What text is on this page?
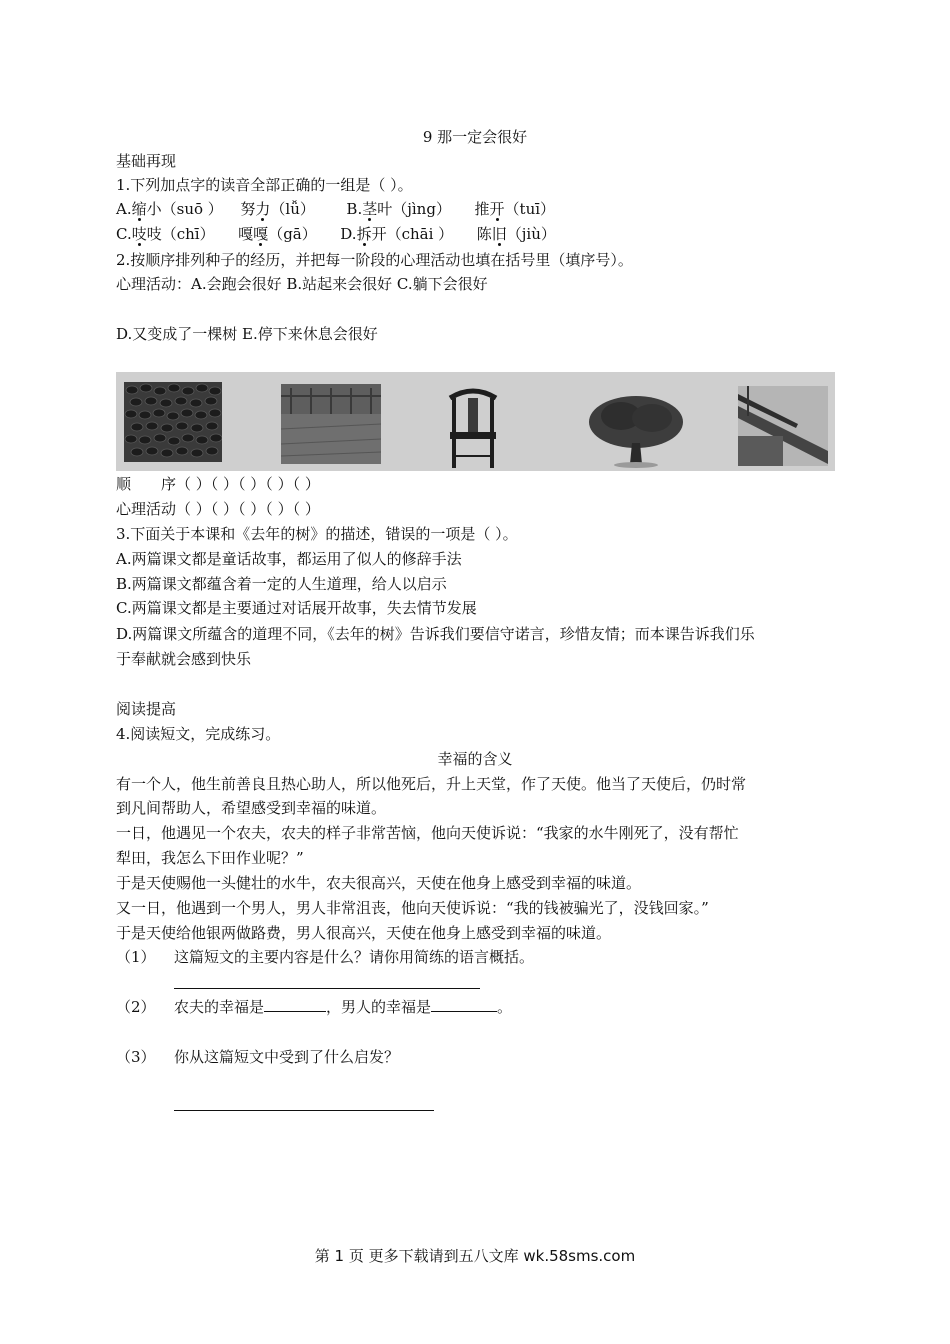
9 那一定会很好
基础再现
1.下列加点字的读音全部正确的一组是（ ）。
A.缩小（suō ） 努力（lǚ） B.茎叶（jìng） 推开（tuī）
C.吱吱（chī） 嘎嘎（gā） D.拆开（chāi ） 陈旧（jiù）
2.按顺序排列种子的经历，并把每一阶段的心理活动也填在括号里（填序号）。
心理活动：A.会跑会很好 B.站起来会很好 C.躺下会很好
D.又变成了一棵树 E.停下来休息会很好
顺　　序（ ）（ ）（ ）（ ）（ ）
心理活动（ ）（ ）（ ）（ ）（ ）
3.下面关于本课和《去年的树》的描述，错误的一项是（ ）。
A.两篇课文都是童话故事，都运用了似人的修辞手法
B.两篇课文都蕴含着一定的人生道理，给人以启示
C.两篇课文都是主要通过对话展开故事，失去情节发展
D.两篇课文所蕴含的道理不同，《去年的树》告诉我们要信守诺言，珍惜友情；而本课告诉我们乐
于奉献就会感到快乐
阅读提高
4.阅读短文，完成练习。
幸福的含义
有一个人，他生前善良且热心助人，所以他死后，升上天堂，作了天使。他当了天使后，仍时常
到凡间帮助人，希望感受到幸福的味道。
一日，他遇见一个农夫，农夫的样子非常苦恼，他向天使诉说：“我家的水牛刚死了，没有帮忙
犁田，我怎么下田作业呢？”
于是天使赐他一头健壮的水牛，农夫很高兴，天使在他身上感受到幸福的味道。
又一日，他遇到一个男人，男人非常沮丧，他向天使诉说：“我的钱被骗光了，没钱回家。”
于是天使给他银两做路费，男人很高兴，天使在他身上感受到幸福的味道。
（1） 这篇短文的主要内容是什么？请你用简练的语言概括。
（2） 农夫的幸福是	，男人的幸福是	。
（3） 你从这篇短文中受到了什么启发？
第 1 页 更多下载请到五八文库 wk.58sms.com
